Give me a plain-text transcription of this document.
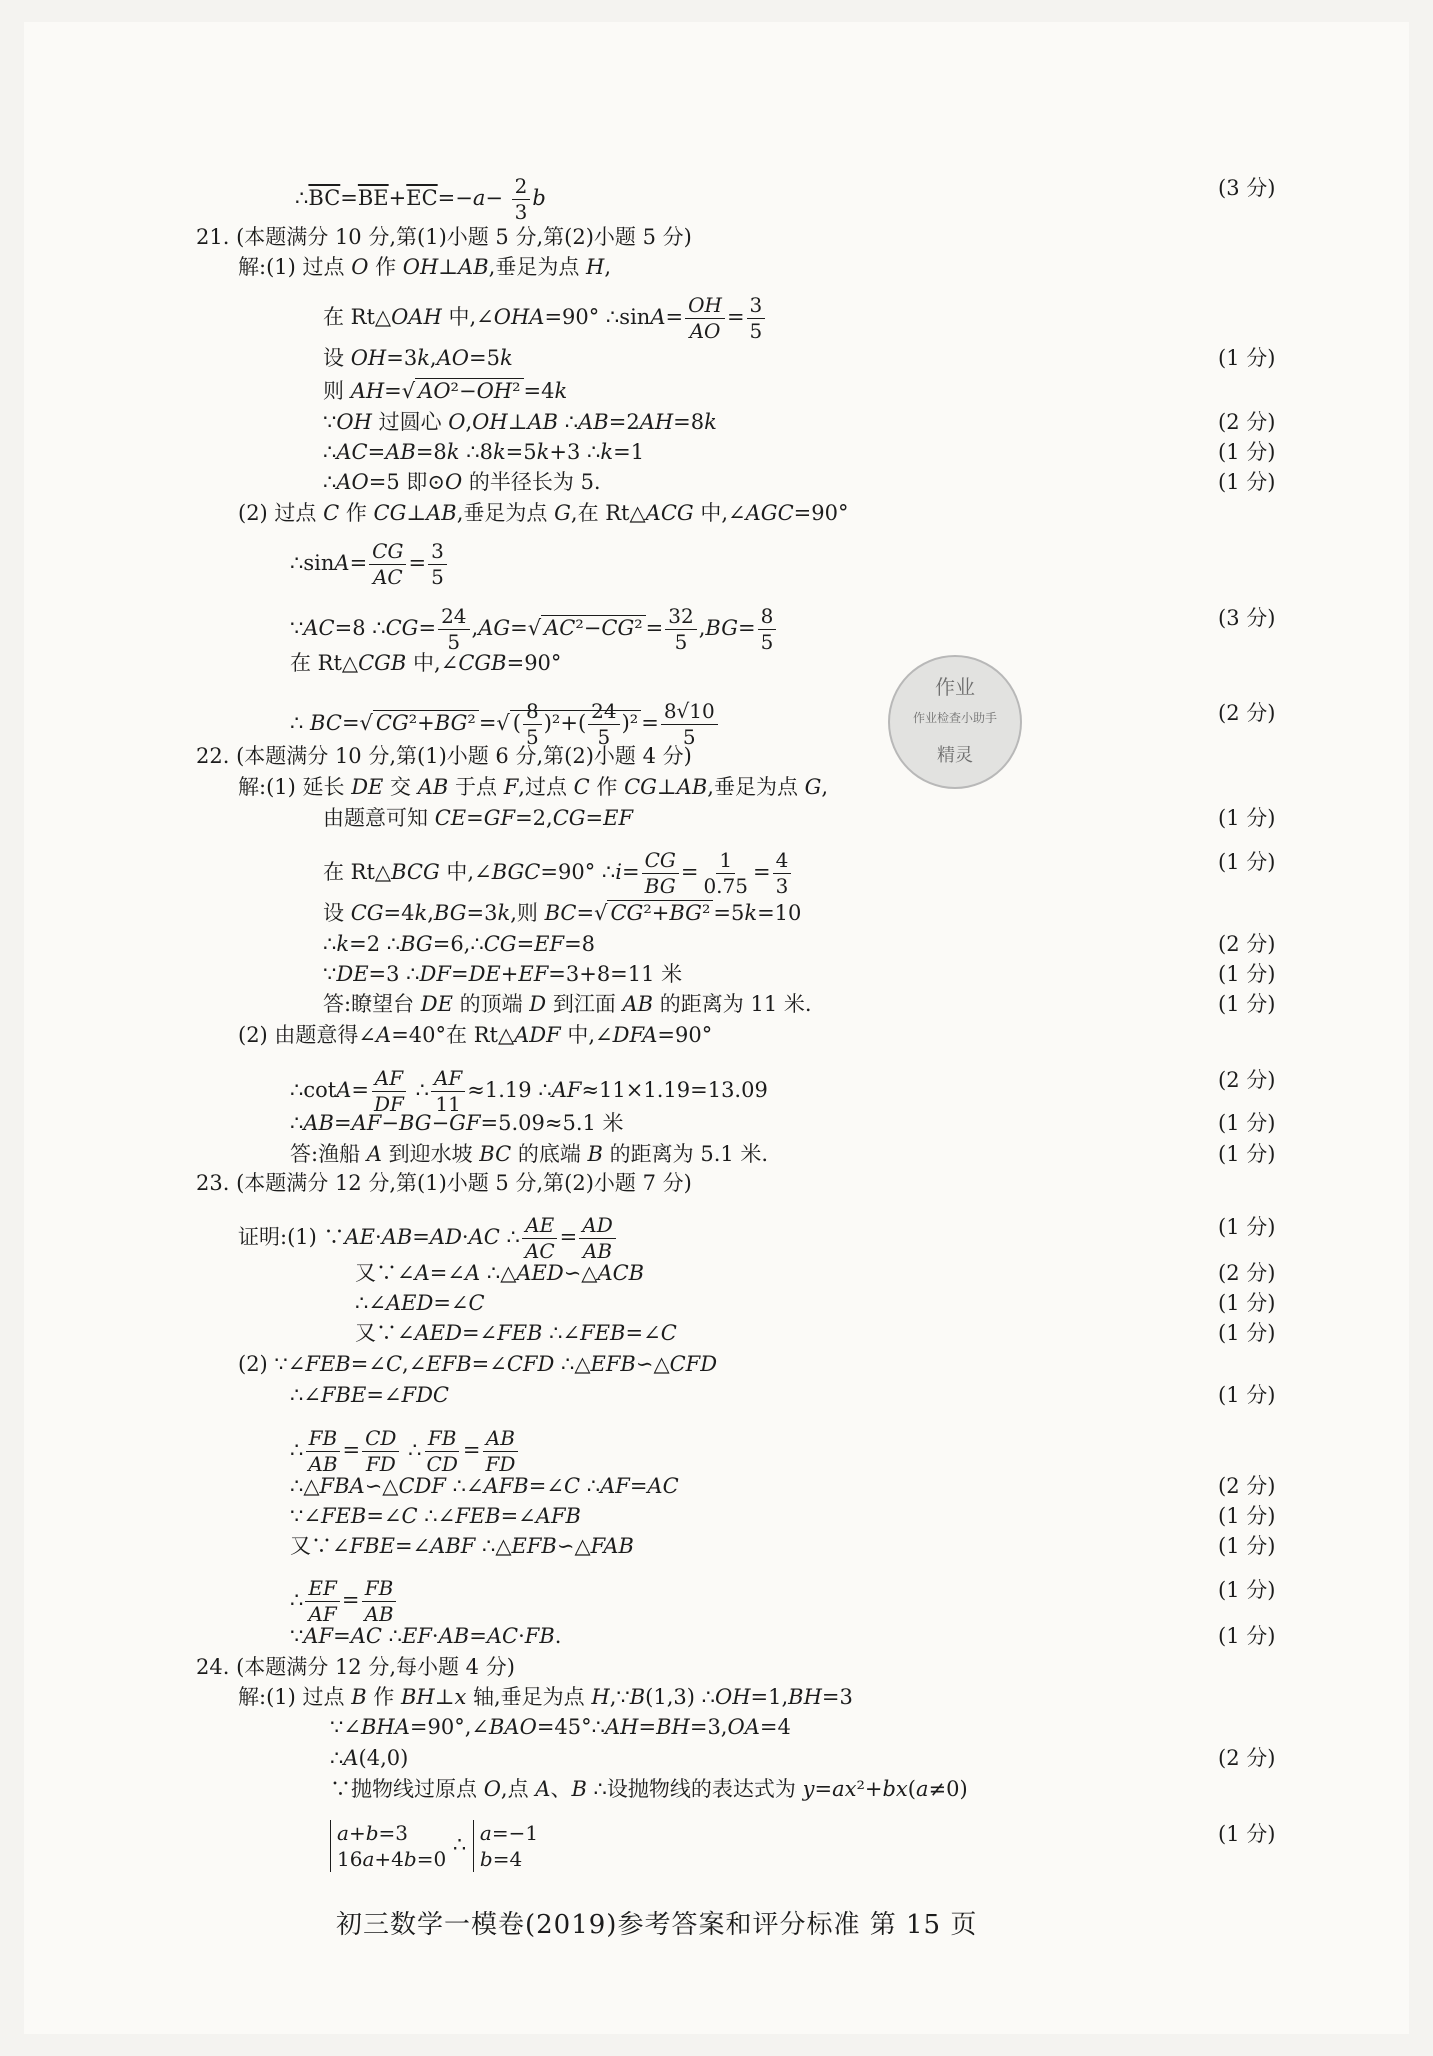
作业
作业检查小助手
精灵
$\therefore\overline{BC}=\overline{BE}+\overline{EC}=-a- \frac{2}{3}$ b	(3 分)
21. (本题满分 10 分,第(1)小题 5 分,第(2)小题 5 分)
解:(1) 过点 O 作 OH⊥AB,垂足为点 H,
在 Rt△OAH 中,∠OHA=90° ∴sinA= $\frac{OH}{AO} = \frac{3}{5}$
设 OH=3k,AO=5k	(1 分)
则 AH=√ AO²−OH² =4k
∵OH 过圆心 O,OH⊥AB ∴AB=2AH=8k	(2 分)
∴AC=AB=8k ∴8k=5k+3 ∴k=1	(1 分)
∴AO=5 即⊙O 的半径长为 5.	(1 分)
(2) 过点 C 作 CG⊥AB,垂足为点 G,在 Rt△ACG 中,∠AGC=90°
∴sinA= $\frac{CG}{AC} = \frac{3}{5}$
∵AC=8 ∴CG= $\frac{24}{5} ,AG=√$ $AC^2-CG^2 = \frac{32}{5} ,BG= \frac{8}{5}$	(3 分)
在 Rt△CGB 中,∠CGB=90°
∴ BC=√ CG²+BG² =√ ( $\frac{8}{5} )^2+( \frac{24}{5} )^2 = \frac{8√10}{5}$	(2 分)
22. (本题满分 10 分,第(1)小题 6 分,第(2)小题 4 分)
解:(1) 延长 DE 交 AB 于点 F,过点 C 作 CG⊥AB,垂足为点 G,
由题意可知 CE=GF=2,CG=EF	(1 分)
在 Rt△BCG 中,∠BGC=90° ∴i= $\frac{CG}{BG} = \frac{1}{0.75} = \frac{4}{3}$	(1 分)
设 CG=4k,BG=3k,则 BC=√ CG²+BG² =5k=10
∴k=2 ∴BG=6,∴CG=EF=8	(2 分)
∵DE=3 ∴DF=DE+EF=3+8=11 米	(1 分)
答:瞭望台 DE 的顶端 D 到江面 AB 的距离为 11 米.	(1 分)
(2) 由题意得∠A=40°在 Rt△ADF 中,∠DFA=90°
∴cotA= $\frac{AF}{DF}$ ∴ $\frac{AF}{11} \approx 1.19$ ∴AF≈11×1.19=13.09	(2 分)
∴AB=AF−BG−GF=5.09≈5.1 米	(1 分)
答:渔船 A 到迎水坡 BC 的底端 B 的距离为 5.1 米.	(1 分)
23. (本题满分 12 分,第(1)小题 5 分,第(2)小题 7 分)
证明:(1) ∵AE·AB=AD·AC ∴ $\frac{AE}{AC} = \frac{AD}{AB}$	(1 分)
又∵∠A=∠A ∴△AED∽△ACB	(2 分)
∴∠AED=∠C	(1 分)
又∵∠AED=∠FEB ∴∠FEB=∠C	(1 分)
(2) ∵∠FEB=∠C,∠EFB=∠CFD ∴△EFB∽△CFD
∴∠FBE=∠FDC	(1 分)
∴ $\frac{FB}{AB} = \frac{CD}{FD}$ ∴ $\frac{FB}{CD} = \frac{AB}{FD}$
∴△FBA∽△CDF ∴∠AFB=∠C ∴AF=AC	(2 分)
∵∠FEB=∠C ∴∠FEB=∠AFB	(1 分)
又∵∠FBE=∠ABF ∴△EFB∽△FAB	(1 分)
∴ $\frac{EF}{AF} = \frac{FB}{AB}$	(1 分)
∵AF=AC ∴EF·AB=AC·FB.	(1 分)
24. (本题满分 12 分,每小题 4 分)
解:(1) 过点 B 作 BH⊥x 轴,垂足为点 H,∵B(1,3) ∴OH=1,BH=3
∵∠BHA=90°,∠BAO=45°∴AH=BH=3,OA=4
∴A(4,0)	(2 分)
∵抛物线过原点 O,点 A、B ∴设抛物线的表达式为 y=ax²+bx(a≠0)
a+b=3
16a+4b=0
∴ a=−1
b=4
(1 分)
初三数学一模卷(2019)参考答案和评分标准 第 15 页
